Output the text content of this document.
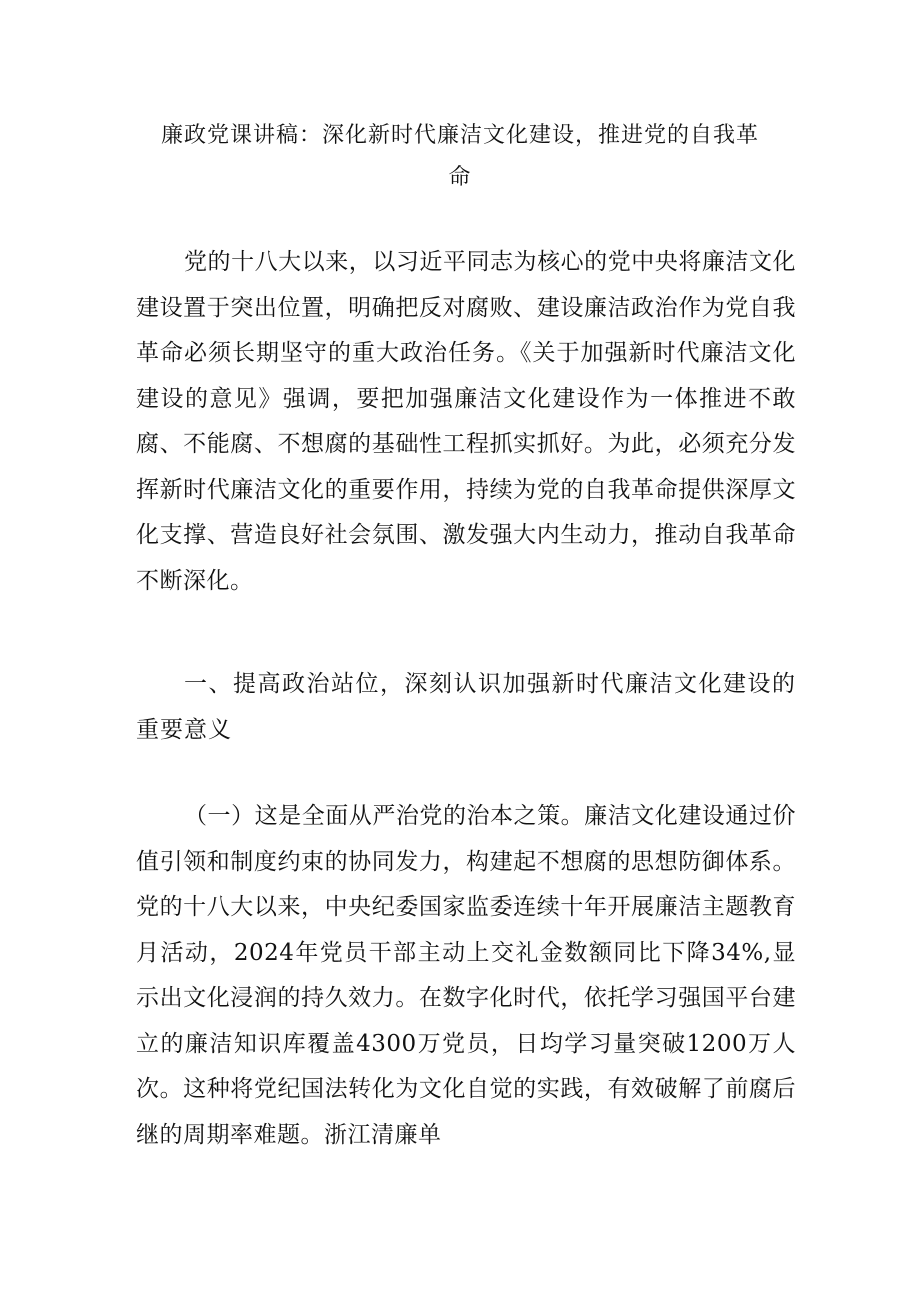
廉政党课讲稿：深化新时代廉洁文化建设，推进党的自我革
命

党的十八大以来，以习近平同志为核心的党中央将廉洁文化建设置于突出位置，明确把反对腐败、建设廉洁政治作为党自我革命必须长期坚守的重大政治任务。《关于加强新时代廉洁文化建设的意见》强调，要把加强廉洁文化建设作为一体推进不敢腐、不能腐、不想腐的基础性工程抓实抓好。为此，必须充分发挥新时代廉洁文化的重要作用，持续为党的自我革命提供深厚文化支撑、营造良好社会氛围、激发强大内生动力，推动自我革命不断深化。

一、提高政治站位，深刻认识加强新时代廉洁文化建设的重要意义

（一）这是全面从严治党的治本之策。廉洁文化建设通过价值引领和制度约束的协同发力，构建起不想腐的思想防御体系。党的十八大以来，中央纪委国家监委连续十年开展廉洁主题教育月活动，2024年党员干部主动上交礼金数额同比下降34%,显示出文化浸润的持久效力。在数字化时代，依托学习强国平台建立的廉洁知识库覆盖4300万党员，日均学习量突破1200万人次。这种将党纪国法转化为文化自觉的实践，有效破解了前腐后继的周期率难题。浙江清廉单
